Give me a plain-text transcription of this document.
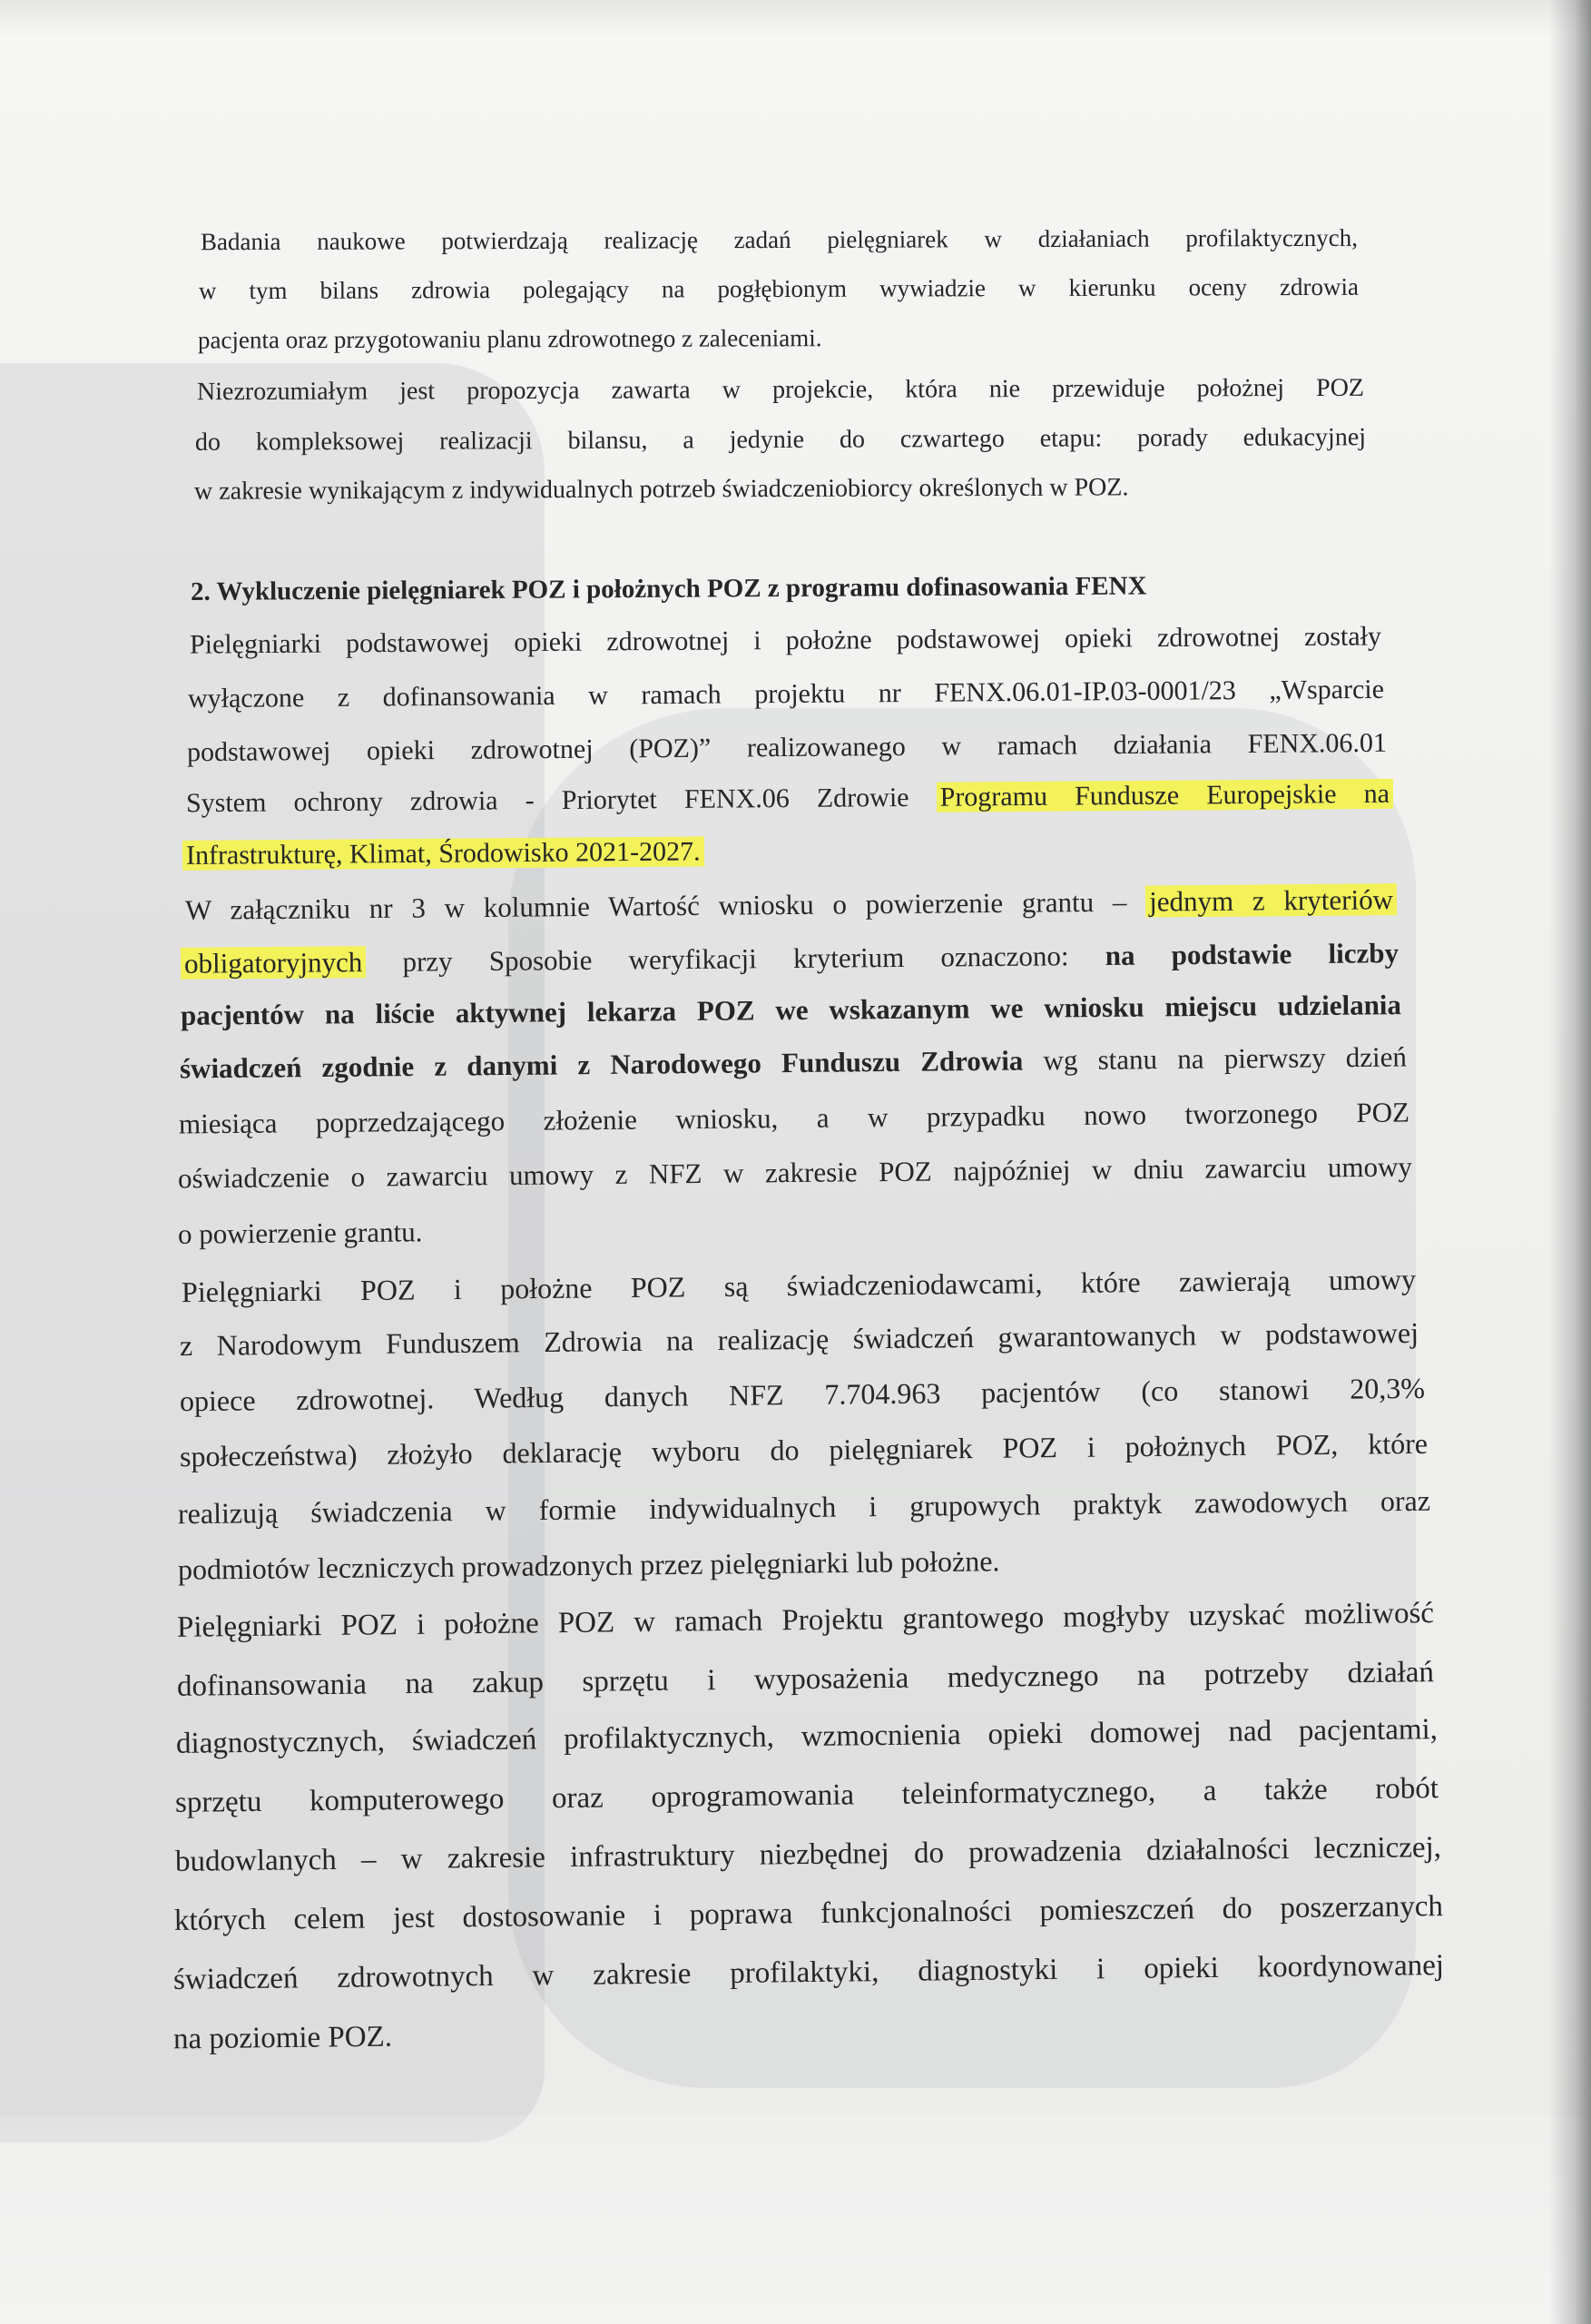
Badania naukowe potwierdzają realizację zadań pielęgniarek w działaniach profilaktycznych,

w tym bilans zdrowia polegający na pogłębionym wywiadzie w kierunku oceny zdrowia

pacjenta oraz przygotowaniu planu zdrowotnego z zaleceniami.

Niezrozumiałym jest propozycja zawarta w projekcie, która nie przewiduje położnej POZ

do kompleksowej realizacji bilansu, a jedynie do czwartego etapu: porady edukacyjnej

w zakresie wynikającym z indywidualnych potrzeb świadczeniobiorcy określonych w POZ.

2. Wykluczenie pielęgniarek POZ i położnych POZ z programu dofinasowania FENX

Pielęgniarki podstawowej opieki zdrowotnej i położne podstawowej opieki zdrowotnej zostały

wyłączone z dofinansowania w ramach projektu nr FENX.06.01-IP.03-0001/23 „Wsparcie

podstawowej opieki zdrowotnej (POZ)” realizowanego w ramach działania FENX.06.01

System ochrony zdrowia - Priorytet FENX.06 Zdrowie Programu Fundusze Europejskie na

Infrastrukturę, Klimat, Środowisko 2021-2027.

W załączniku nr 3 w kolumnie Wartość wniosku o powierzenie grantu – jednym z kryteriów

obligatoryjnych przy Sposobie weryfikacji kryterium oznaczono: na podstawie liczby

pacjentów na liście aktywnej lekarza POZ we wskazanym we wniosku miejscu udzielania

świadczeń zgodnie z danymi z Narodowego Funduszu Zdrowia wg stanu na pierwszy dzień

miesiąca poprzedzającego złożenie wniosku, a w przypadku nowo tworzonego POZ

oświadczenie o zawarciu umowy z NFZ w zakresie POZ najpóźniej w dniu zawarciu umowy

o powierzenie grantu.

Pielęgniarki POZ i położne POZ są świadczeniodawcami, które zawierają umowy

z Narodowym Funduszem Zdrowia na realizację świadczeń gwarantowanych w podstawowej

opiece zdrowotnej. Według danych NFZ 7.704.963 pacjentów (co stanowi 20,3%

społeczeństwa) złożyło deklarację wyboru do pielęgniarek POZ i położnych POZ, które

realizują świadczenia w formie indywidualnych i grupowych praktyk zawodowych oraz

podmiotów leczniczych prowadzonych przez pielęgniarki lub położne.

Pielęgniarki POZ i położne POZ w ramach Projektu grantowego mogłyby uzyskać możliwość

dofinansowania na zakup sprzętu i wyposażenia medycznego na potrzeby działań

diagnostycznych, świadczeń profilaktycznych, wzmocnienia opieki domowej nad pacjentami,

sprzętu komputerowego oraz oprogramowania teleinformatycznego, a także robót

budowlanych – w zakresie infrastruktury niezbędnej do prowadzenia działalności leczniczej,

których celem jest dostosowanie i poprawa funkcjonalności pomieszczeń do poszerzanych

świadczeń zdrowotnych w zakresie profilaktyki, diagnostyki i opieki koordynowanej

na poziomie POZ.
